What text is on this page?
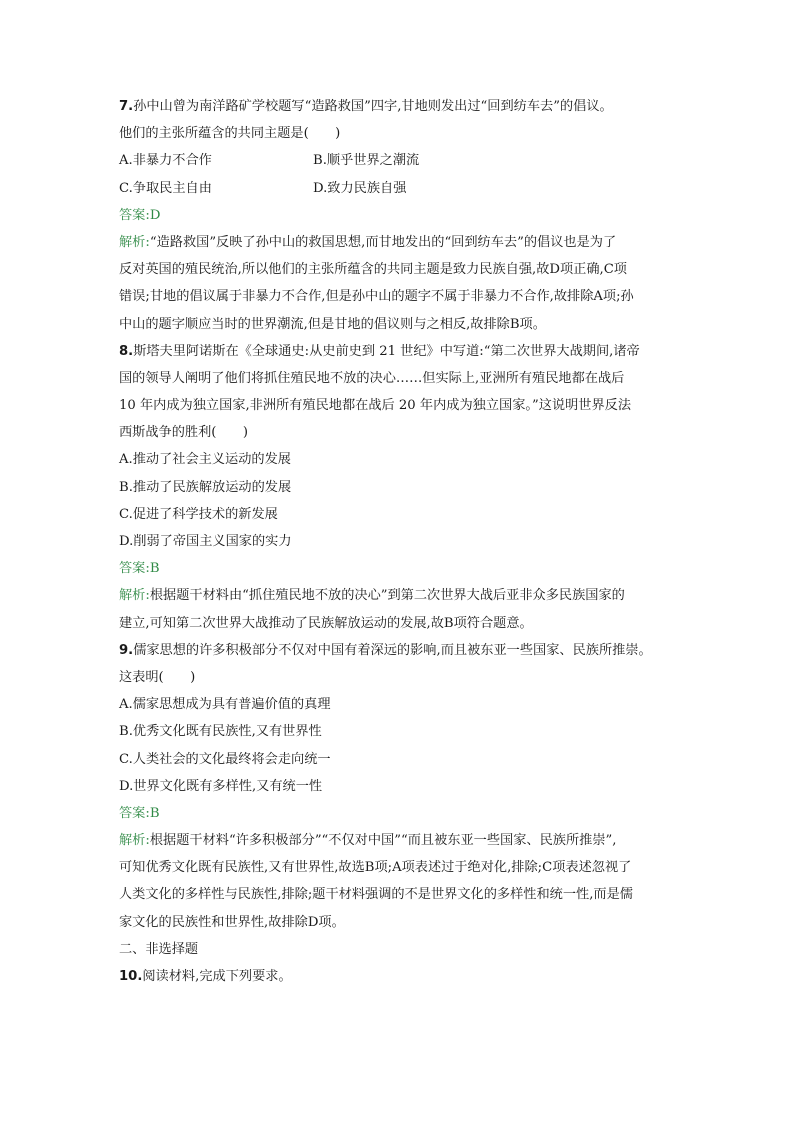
7.孙中山曾为南洋路矿学校题写“造路救国”四字,甘地则发出过“回到纺车去”的倡议。
他们的主张所蕴含的共同主题是(　　)
A.非暴力不合作	B.顺乎世界之潮流
C.争取民主自由	D.致力民族自强
答案:D
解析:“造路救国”反映了孙中山的救国思想,而甘地发出的“回到纺车去”的倡议也是为了
反对英国的殖民统治,所以他们的主张所蕴含的共同主题是致力民族自强,故D项正确,C项
错误;甘地的倡议属于非暴力不合作,但是孙中山的题字不属于非暴力不合作,故排除A项;孙
中山的题字顺应当时的世界潮流,但是甘地的倡议则与之相反,故排除B项。
8.斯塔夫里阿诺斯在《全球通史:从史前史到 21 世纪》中写道:“第二次世界大战期间,诸帝
国的领导人阐明了他们将抓住殖民地不放的决心……但实际上,亚洲所有殖民地都在战后
10 年内成为独立国家,非洲所有殖民地都在战后 20 年内成为独立国家。”这说明世界反法
西斯战争的胜利(　　)
A.推动了社会主义运动的发展
B.推动了民族解放运动的发展
C.促进了科学技术的新发展
D.削弱了帝国主义国家的实力
答案:B
解析:根据题干材料由“抓住殖民地不放的决心”到第二次世界大战后亚非众多民族国家的
建立,可知第二次世界大战推动了民族解放运动的发展,故B项符合题意。
9.儒家思想的许多积极部分不仅对中国有着深远的影响,而且被东亚一些国家、民族所推崇。
这表明(　　)
A.儒家思想成为具有普遍价值的真理
B.优秀文化既有民族性,又有世界性
C.人类社会的文化最终将会走向统一
D.世界文化既有多样性,又有统一性
答案:B
解析:根据题干材料“许多积极部分”“不仅对中国”“而且被东亚一些国家、民族所推崇”,
可知优秀文化既有民族性,又有世界性,故选B项;A项表述过于绝对化,排除;C项表述忽视了
人类文化的多样性与民族性,排除;题干材料强调的不是世界文化的多样性和统一性,而是儒
家文化的民族性和世界性,故排除D项。
二、非选择题
10.阅读材料,完成下列要求。
